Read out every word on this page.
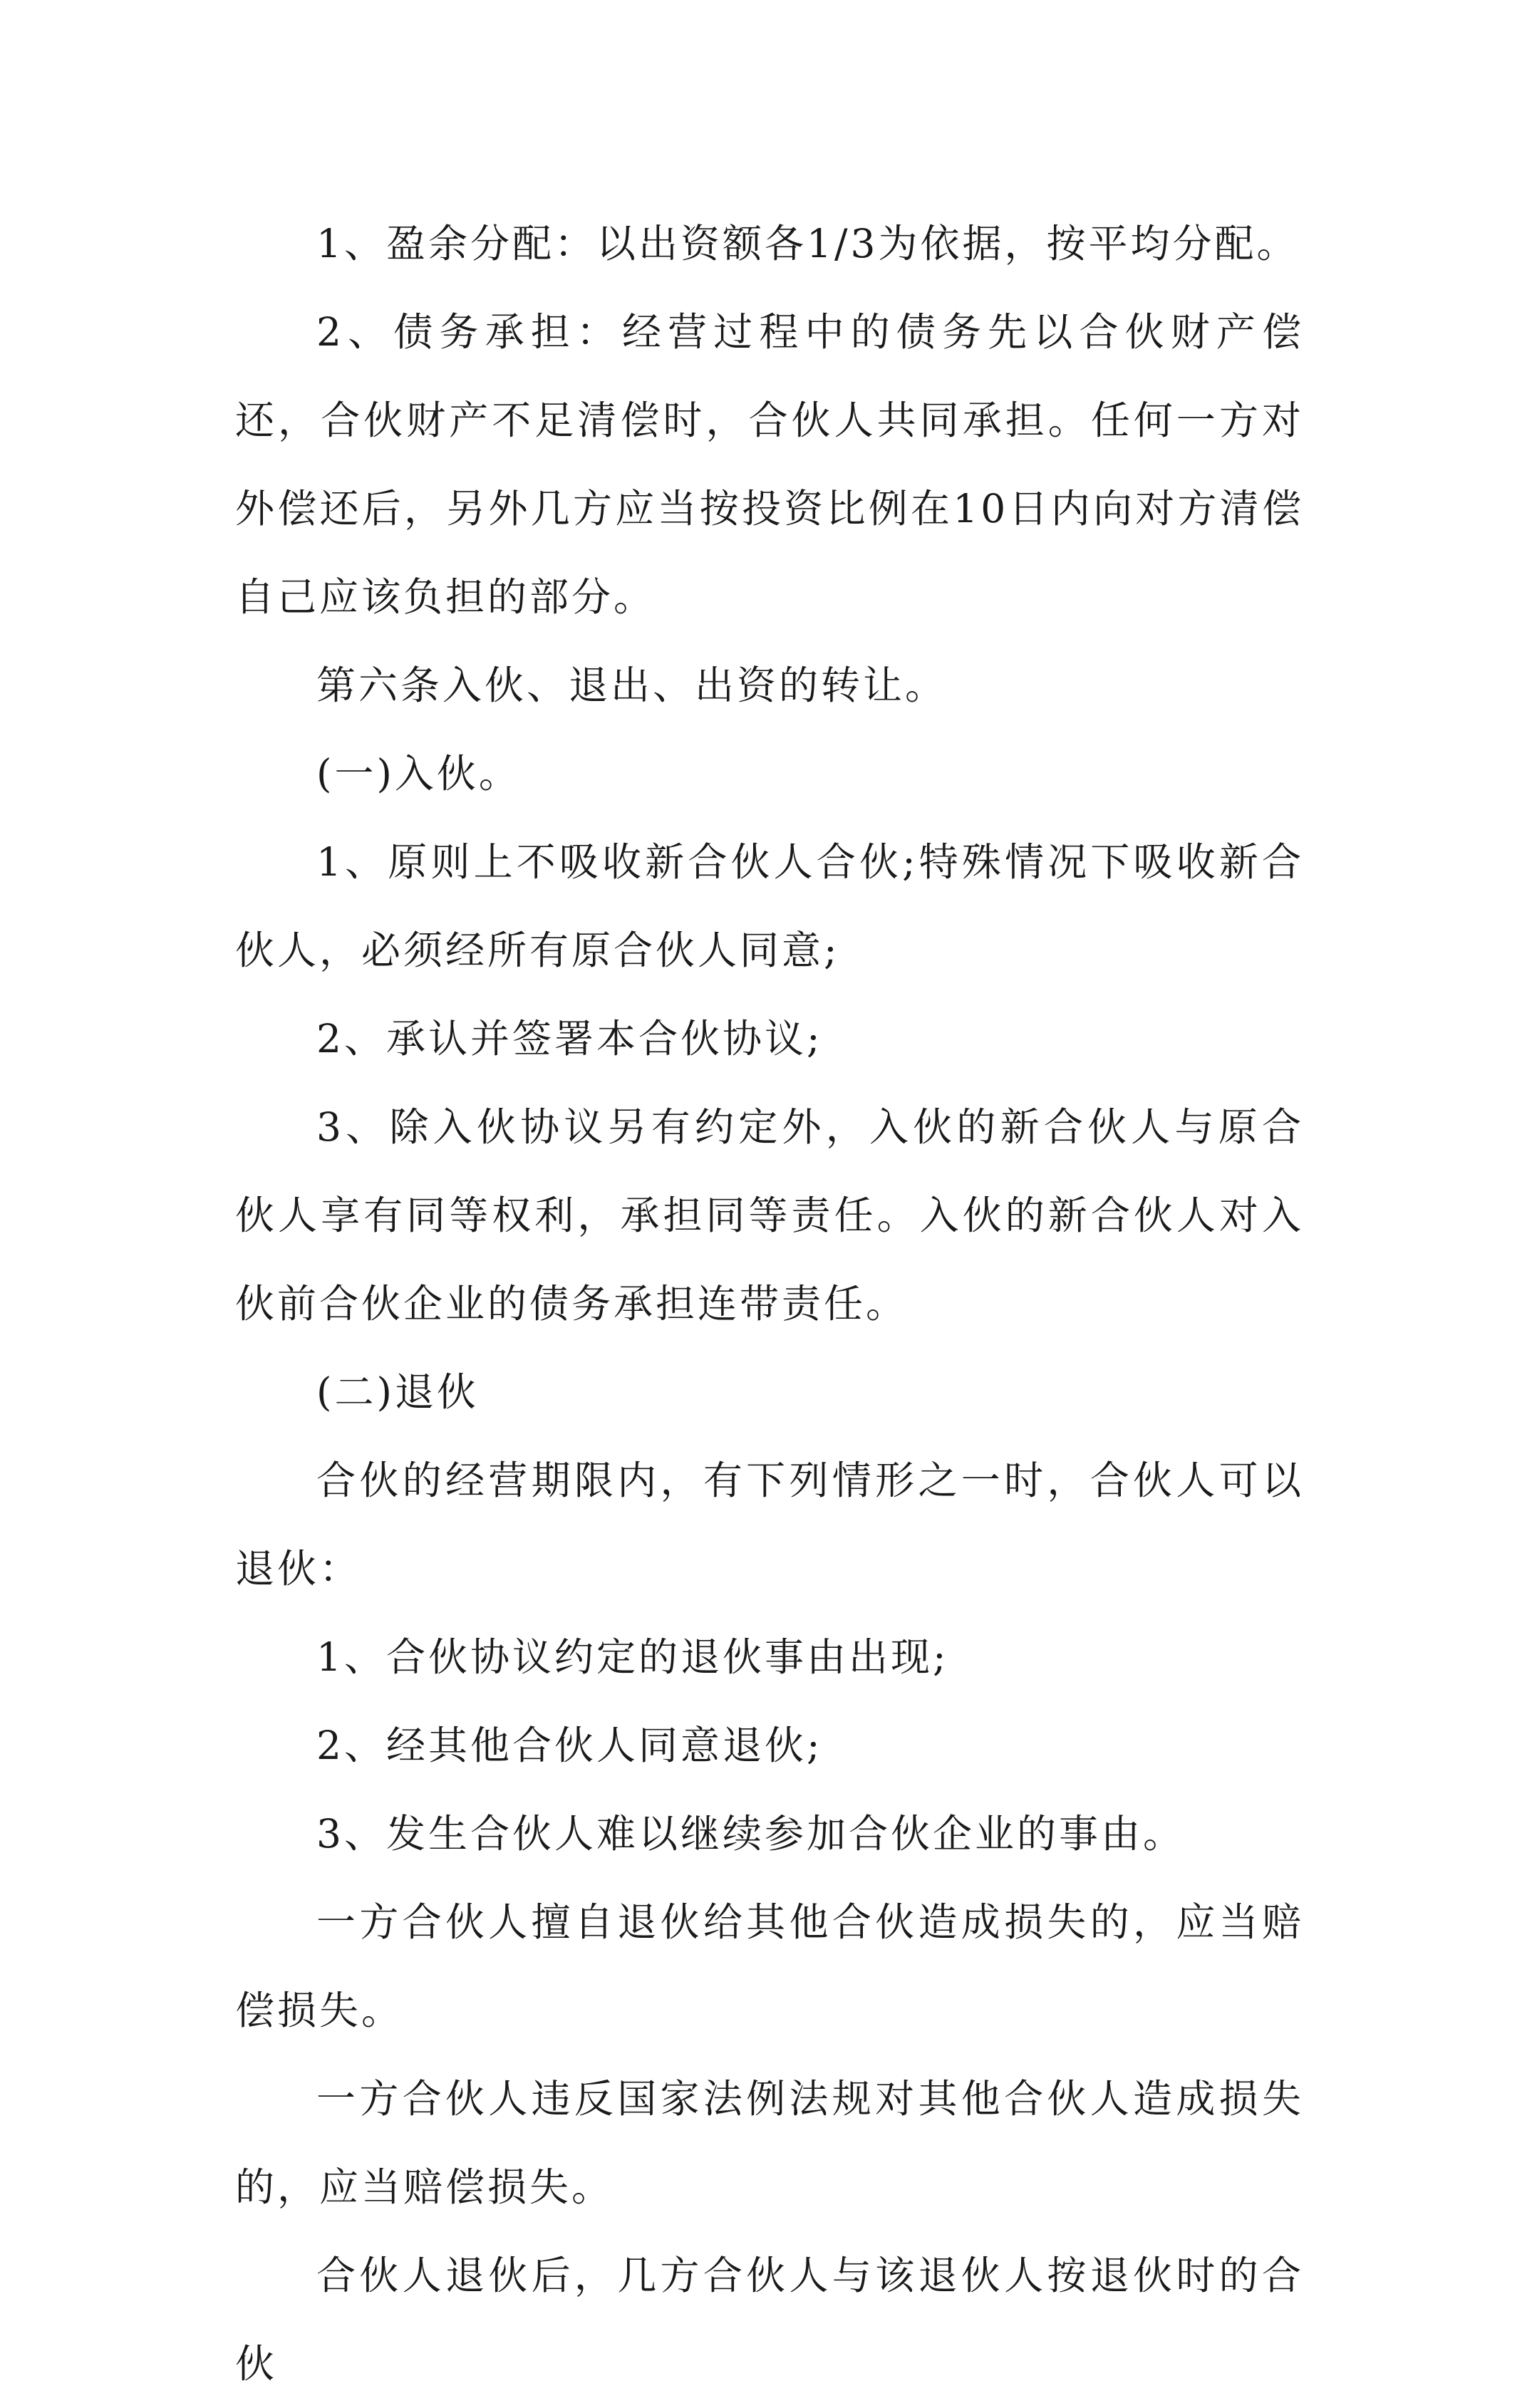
1、盈余分配：以出资额各1/3为依据，按平均分配。

2、债务承担：经营过程中的债务先以合伙财产偿还，合伙财产不足清偿时，合伙人共同承担。任何一方对外偿还后，另外几方应当按投资比例在10日内向对方清偿自己应该负担的部分。

第六条入伙、退出、出资的转让。

(一)入伙。

1、原则上不吸收新合伙人合伙;特殊情况下吸收新合伙人，必须经所有原合伙人同意;

2、承认并签署本合伙协议;

3、除入伙协议另有约定外，入伙的新合伙人与原合伙人享有同等权利，承担同等责任。入伙的新合伙人对入伙前合伙企业的债务承担连带责任。

(二)退伙

合伙的经营期限内，有下列情形之一时，合伙人可以退伙：

1、合伙协议约定的退伙事由出现;

2、经其他合伙人同意退伙;

3、发生合伙人难以继续参加合伙企业的事由。

一方合伙人擅自退伙给其他合伙造成损失的，应当赔偿损失。

一方合伙人违反国家法例法规对其他合伙人造成损失的，应当赔偿损失。

合伙人退伙后，几方合伙人与该退伙人按退伙时的合伙
